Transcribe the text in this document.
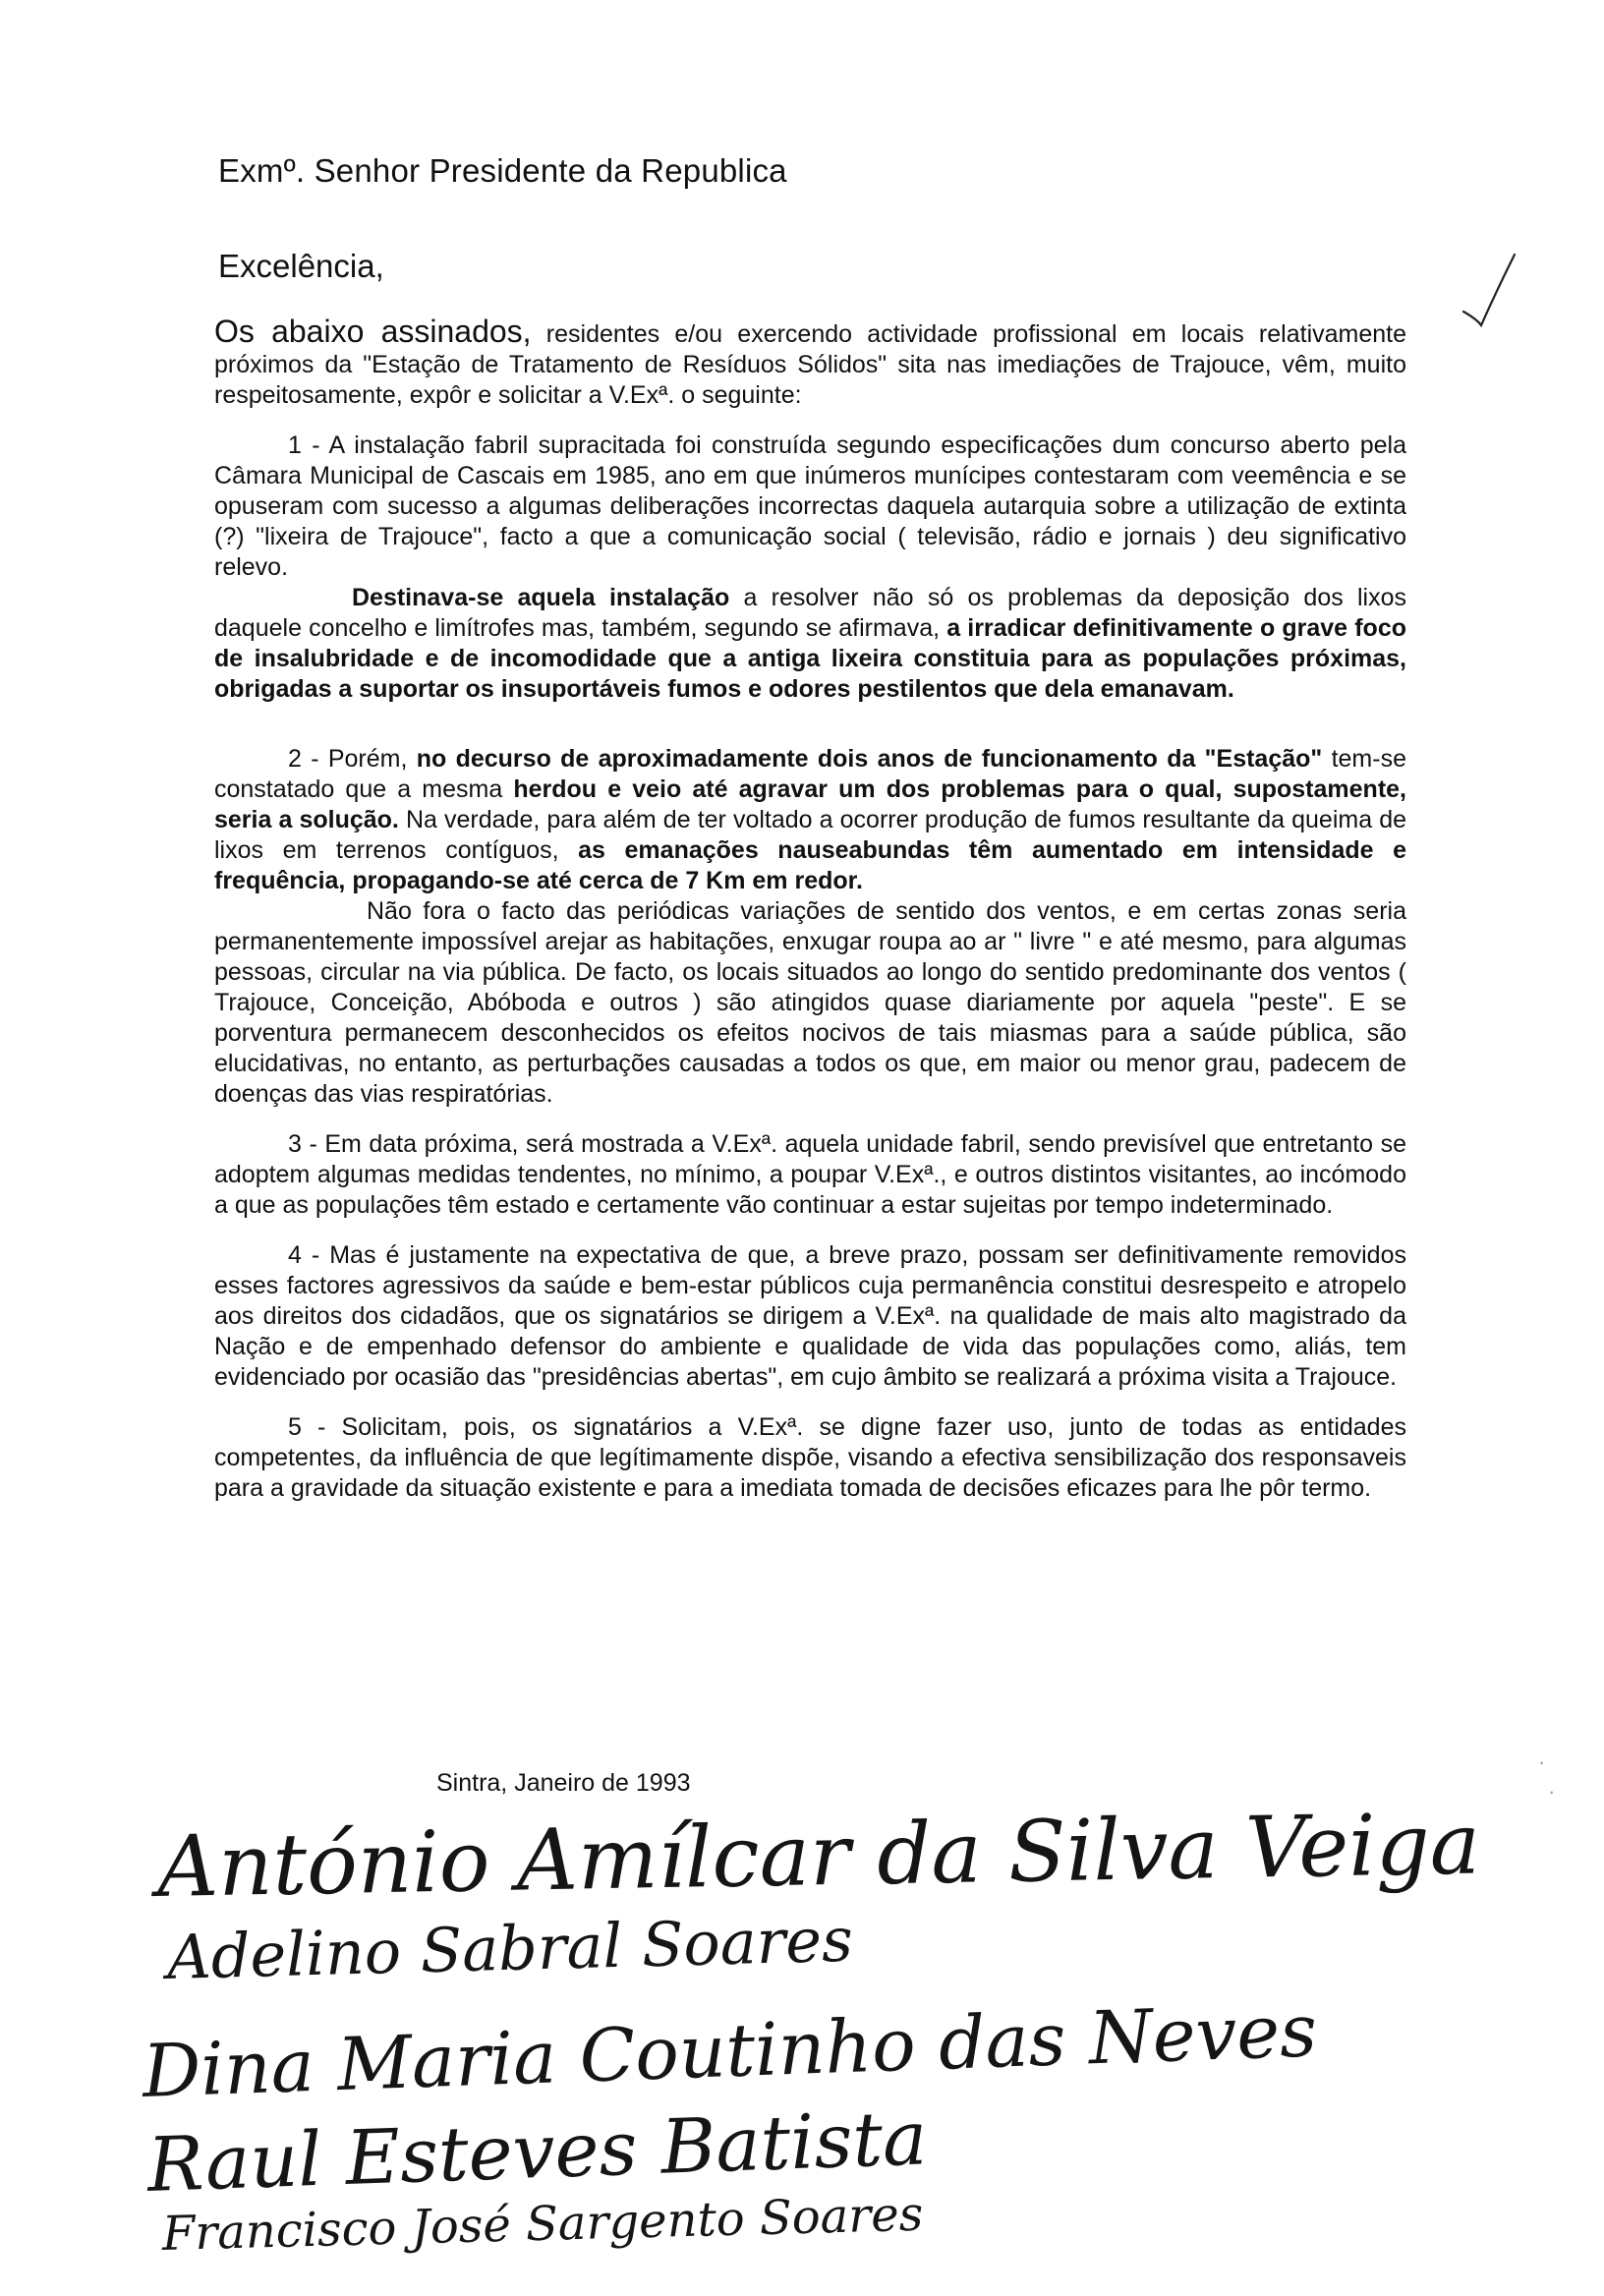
Exmº. Senhor Presidente da Republica
Excelência,

Os abaixo assinados, residentes e/ou exercendo actividade profissional em locais relativamente próximos da "Estação de Tratamento de Resíduos Sólidos" sita nas imediações de Trajouce, vêm, muito respeitosamente, expôr e solicitar a V.Exª. o seguinte:

1 - A instalação fabril supracitada foi construída segundo especificações dum concurso aberto pela Câmara Municipal de Cascais em 1985, ano em que inúmeros munícipes contestaram com veemência e se opuseram com sucesso a algumas deliberações incorrectas daquela autarquia sobre a utilização de extinta (?) "lixeira de Trajouce", facto a que a comunicação social ( televisão, rádio e jornais ) deu significativo relevo.

Destinava-se aquela instalação a resolver não só os problemas da deposição dos lixos daquele concelho e limítrofes mas, também, segundo se afirmava, a irradicar definitivamente o grave foco de insalubridade e de incomodidade que a antiga lixeira constituia para as populações próximas, obrigadas a suportar os insuportáveis fumos e odores pestilentos que dela emanavam.

2 - Porém, no decurso de aproximadamente dois anos de funcionamento da "Estação" tem-se constatado que a mesma herdou e veio até agravar um dos problemas para o qual, supostamente, seria a solução. Na verdade, para além de ter voltado a ocorrer produção de fumos resultante da queima de lixos em terrenos contíguos, as emanações nauseabundas têm aumentado em intensidade e frequência, propagando-se até cerca de 7 Km em redor.

Não fora o facto das periódicas variações de sentido dos ventos, e em certas zonas seria permanentemente impossível arejar as habitações, enxugar roupa ao ar " livre " e até mesmo, para algumas pessoas, circular na via pública. De facto, os locais situados ao longo do sentido predominante dos ventos ( Trajouce, Conceição, Abóboda e outros ) são atingidos quase diariamente por aquela "peste". E se porventura permanecem desconhecidos os efeitos nocivos de tais miasmas para a saúde pública, são elucidativas, no entanto, as perturbações causadas a todos os que, em maior ou menor grau, padecem de doenças das vias respiratórias.

3 - Em data próxima, será mostrada a V.Exª. aquela unidade fabril, sendo previsível que entretanto se adoptem algumas medidas tendentes, no mínimo, a poupar V.Exª., e outros distintos visitantes, ao incómodo a que as populações têm estado e certamente vão continuar a estar sujeitas por tempo indeterminado.

4 - Mas é justamente na expectativa de que, a breve prazo, possam ser definitivamente removidos esses factores agressivos da saúde e bem-estar públicos cuja permanência constitui desrespeito e atropelo aos direitos dos cidadãos, que os signatários se dirigem a V.Exª. na qualidade de mais alto magistrado da Nação e de empenhado defensor do ambiente e qualidade de vida das populações como, aliás, tem evidenciado por ocasião das "presidências abertas", em cujo âmbito se realizará a próxima visita a Trajouce.

5 - Solicitam, pois, os signatários a V.Exª. se digne fazer uso, junto de todas as entidades competentes, da influência de que legítimamente dispõe, visando a efectiva sensibilização dos responsaveis para a gravidade da situação existente e para a imediata tomada de decisões eficazes para lhe pôr termo.

Sintra, Janeiro de 1993
António Amílcar da Silva Veiga
Adelino Sabral Soares
Dina Maria Coutinho das Neves
Raul Esteves Batista
Francisco José Sargento Soares
·
·
